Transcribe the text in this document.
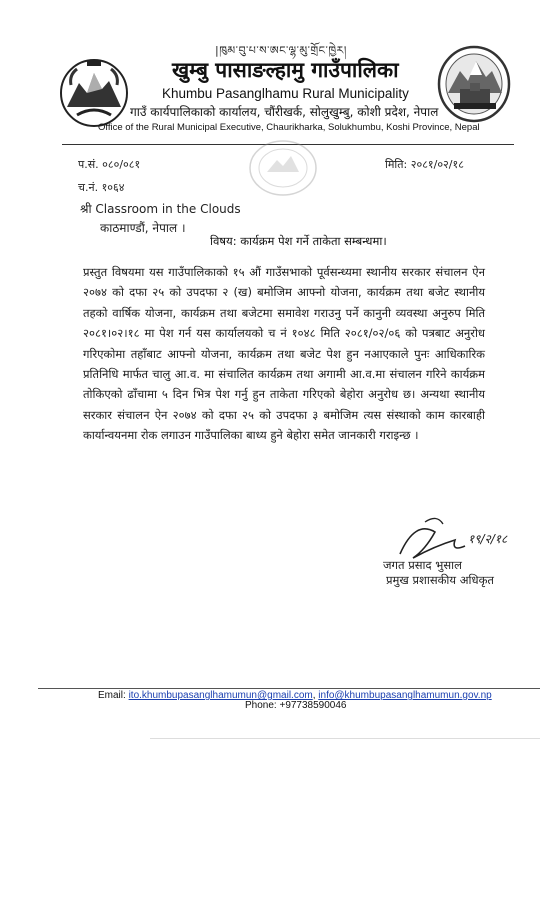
|ཁུམ་བུ་པ་ས་ཨང་ལྷ་མུ་གྲོང་ཁྱེར།
खुम्बु पासाङल्हामु गाउँपालिका
Khumbu Pasanglhamu Rural Municipality
गाउँ कार्यपालिकाको कार्यालय, चौंरीखर्क, सोलुखुम्बु, कोशी प्रदेश, नेपाल
Office of the Rural Municipal Executive, Chaurikharka, Solukhumbu, Koshi Province, Nepal
प.सं. ०८०/०८१	मिति: २०८१/०२/१८
च.नं. १०६४
श्री Classroom in the Clouds
काठमाण्डौं, नेपाल ।
विषय: कार्यक्रम पेश गर्ने ताकेता सम्बन्धमा।

प्रस्तुत विषयमा यस गाउँपालिकाको १५ औं गाउँसभाको पूर्वसन्ध्यमा स्थानीय सरकार संचालन ऐन २०७४ को दफा २५ को उपदफा २ (ख) बमोजिम आफ्नो योजना, कार्यक्रम तथा बजेट स्थानीय तहको वार्षिक योजना, कार्यक्रम तथा बजेटमा समावेश गराउनु पर्ने कानुनी व्यवस्था अनुरुप मिति २०८१।०२।१८ मा पेश गर्न यस कार्यालयको च नं १०४८ मिति २०८१/०२/०६ को पत्रबाट अनुरोध गरिएकोमा तहाँबाट आफ्नो योजना, कार्यक्रम तथा बजेट पेश हुन नआएकाले पुनः आधिकारिक प्रतिनिधि मार्फत चालु आ.व. मा संचालित कार्यक्रम तथा अगामी आ.व.मा संचालन गरिने कार्यक्रम तोकिएको ढाँचामा ५ दिन भित्र पेश गर्नु हुन ताकेता गरिएको बेहोरा अनुरोध छ। अन्यथा स्थानीय सरकार संचालन ऐन २०७४ को दफा २५ को उपदफा ३ बमोजिम त्यस संस्थाको काम कारबाही कार्यान्वयनमा रोक लगाउन गाउँपालिका बाध्य हुने बेहोरा समेत जानकारी गराइन्छ ।

१९/२/१८
जगत प्रसाद भुसाल
प्रमुख प्रशासकीय अधिकृत
Email: ito.khumbupasanglhamumun@gmail.com, info@khumbupasanglhamumun.gov.np
Phone: +97738590046
